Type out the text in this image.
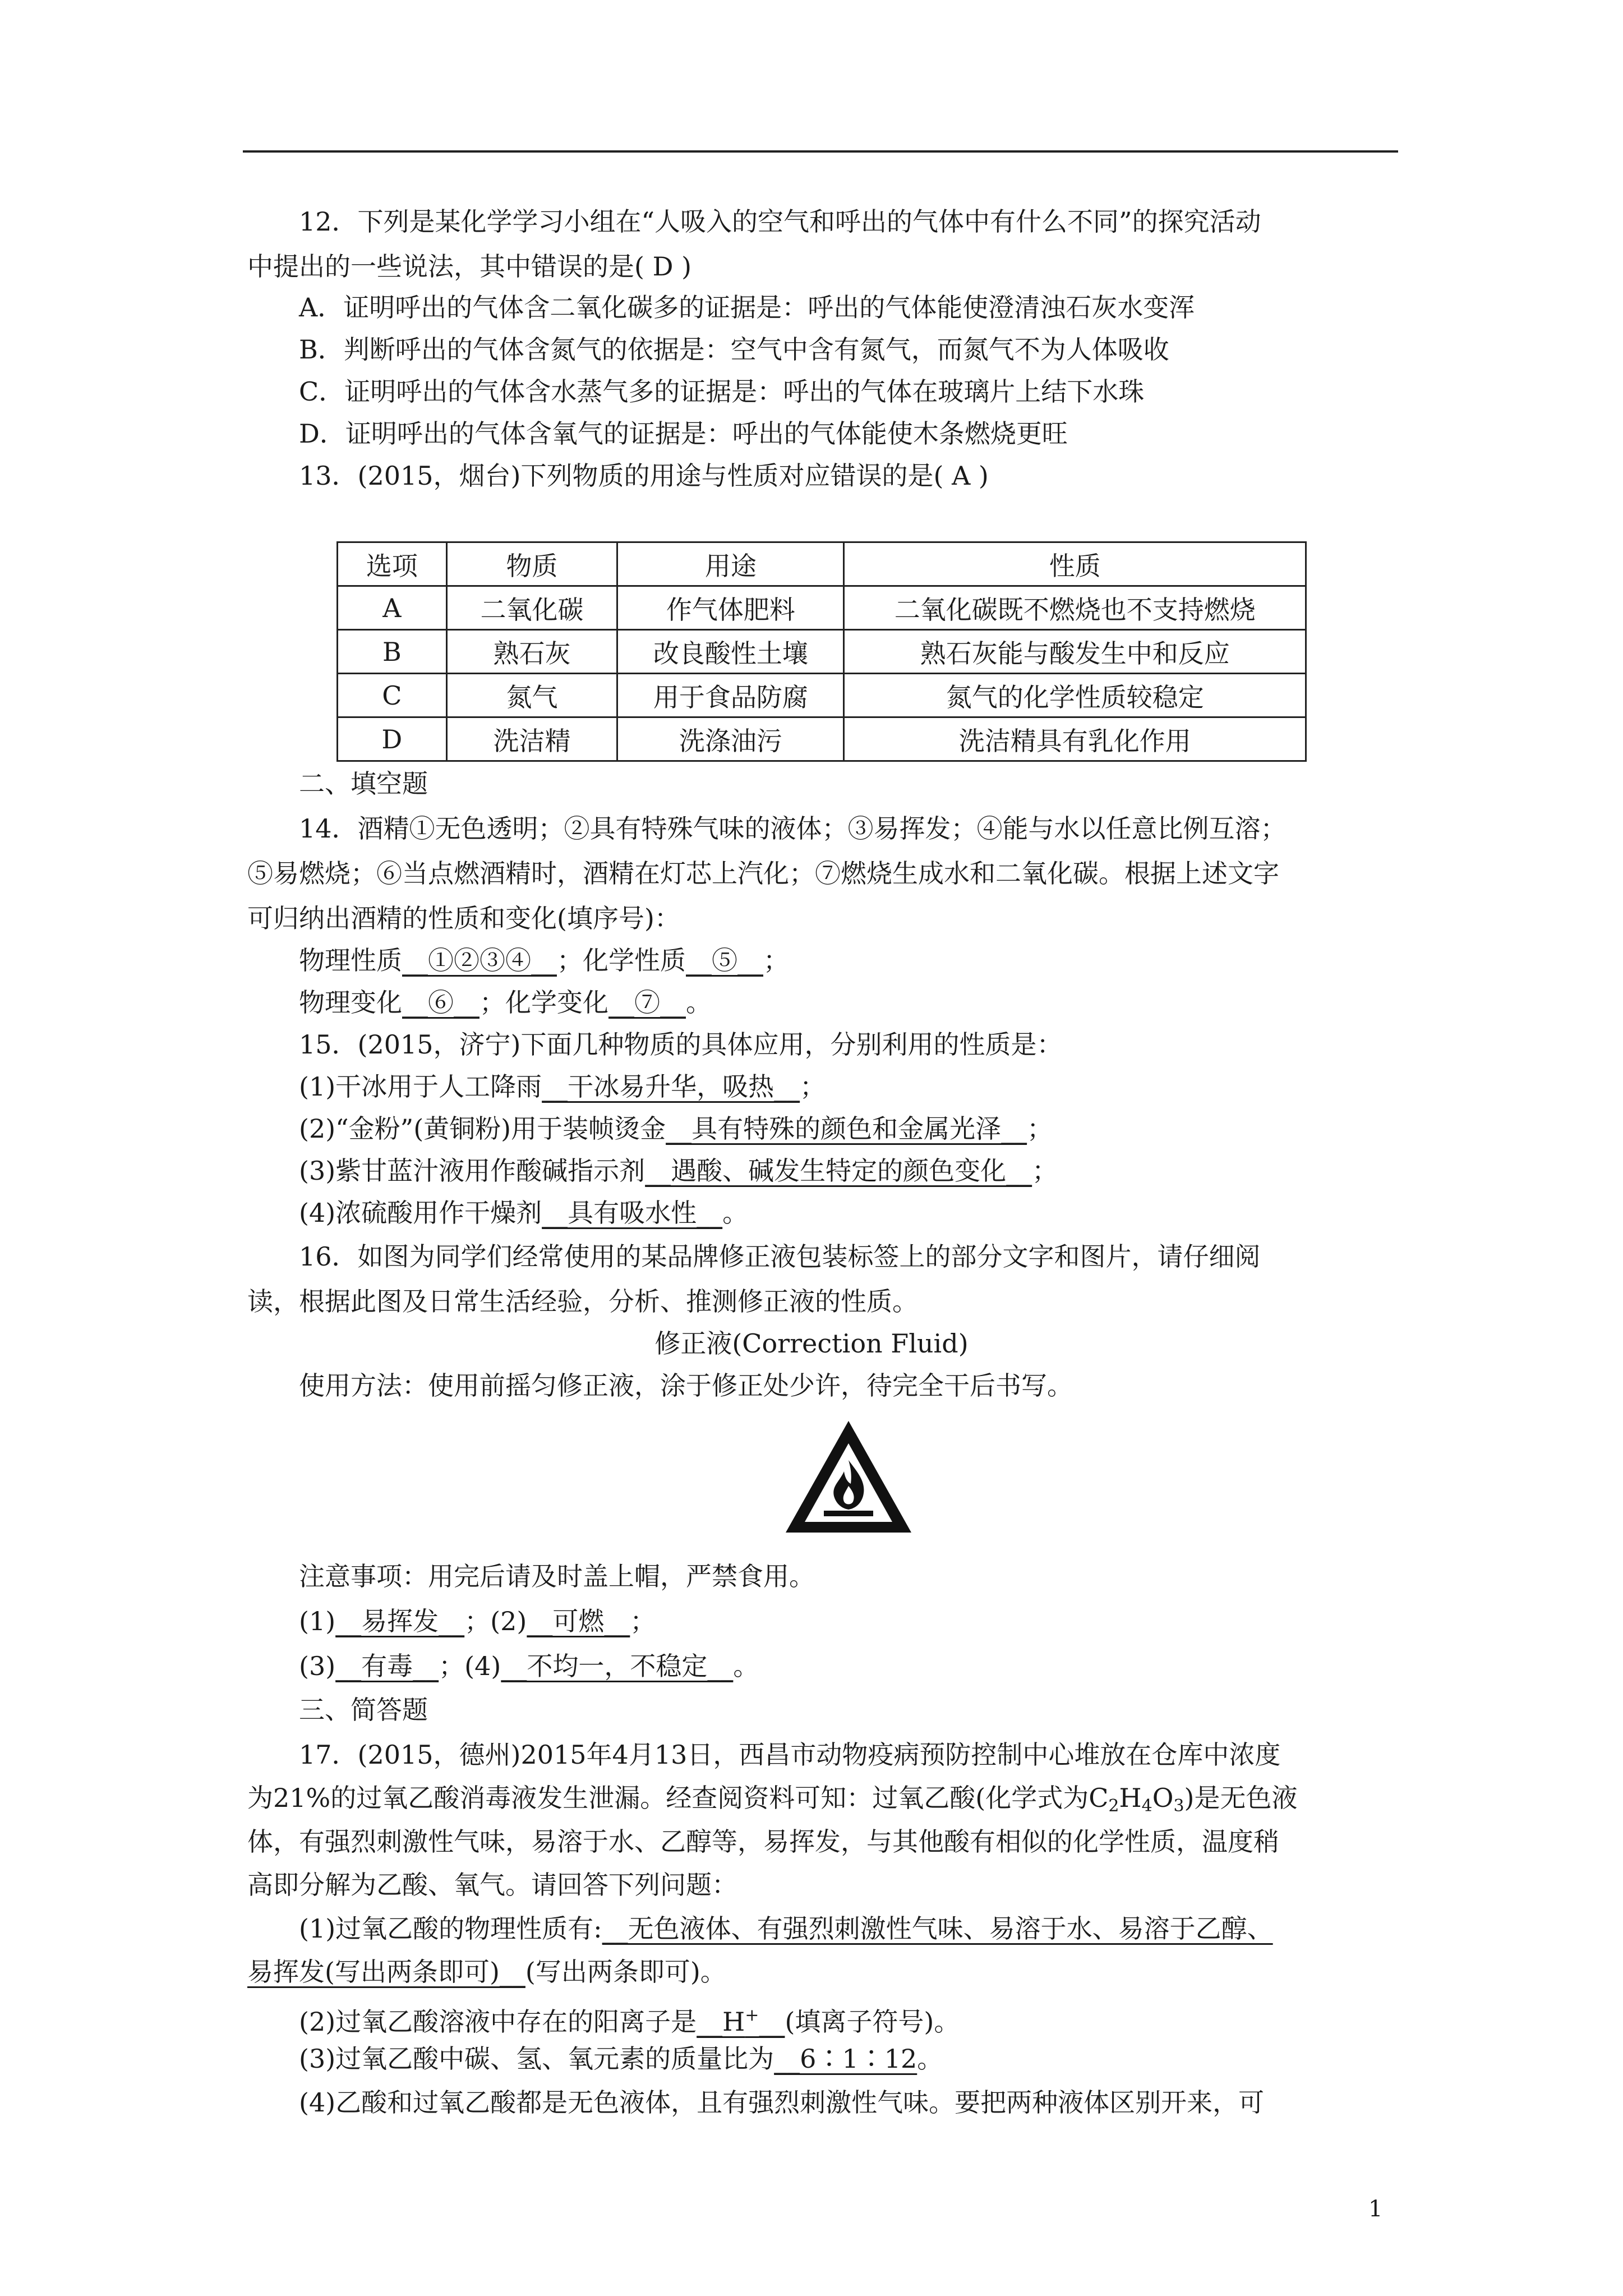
12．下列是某化学学习小组在“人吸入的空气和呼出的气体中有什么不同”的探究活动
中提出的一些说法，其中错误的是( D )
A．证明呼出的气体含二氧化碳多的证据是：呼出的气体能使澄清浊石灰水变浑
B．判断呼出的气体含氮气的依据是：空气中含有氮气，而氮气不为人体吸收
C．证明呼出的气体含水蒸气多的证据是：呼出的气体在玻璃片上结下水珠
D．证明呼出的气体含氧气的证据是：呼出的气体能使木条燃烧更旺
13．(2015，烟台)下列物质的用途与性质对应错误的是( A )
选项	物质	用途	性质
A	二氧化碳	作气体肥料	二氧化碳既不燃烧也不支持燃烧
B	熟石灰	改良酸性土壤	熟石灰能与酸发生中和反应
C	氮气	用于食品防腐	氮气的化学性质较稳定
D	洗洁精	洗涤油污	洗洁精具有乳化作用
二、填空题
14．酒精①无色透明；②具有特殊气味的液体；③易挥发；④能与水以任意比例互溶；
⑤易燃烧；⑥当点燃酒精时，酒精在灯芯上汽化；⑦燃烧生成水和二氧化碳。根据上述文字
可归纳出酒精的性质和变化(填序号)：
物理性质__①②③④__；化学性质__⑤__；
物理变化__⑥__；化学变化__⑦__。
15．(2015，济宁)下面几种物质的具体应用，分别利用的性质是：
(1)干冰用于人工降雨__干冰易升华，吸热__；
(2)“金粉”(黄铜粉)用于装帧烫金__具有特殊的颜色和金属光泽__；
(3)紫甘蓝汁液用作酸碱指示剂__遇酸、碱发生特定的颜色变化__；
(4)浓硫酸用作干燥剂__具有吸水性__。
16．如图为同学们经常使用的某品牌修正液包装标签上的部分文字和图片，请仔细阅
读，根据此图及日常生活经验，分析、推测修正液的性质。
修正液(Correction Fluid)
使用方法：使用前摇匀修正液，涂于修正处少许，待完全干后书写。
注意事项：用完后请及时盖上帽，严禁食用。
(1)__易挥发__；(2)__可燃__；
(3)__有毒__；(4)__不均一，不稳定__。
三、简答题
17．(2015，德州)2015年4月13日，西昌市动物疫病预防控制中心堆放在仓库中浓度
为21%的过氧乙酸消毒液发生泄漏。经查阅资料可知：过氧乙酸(化学式为$C_2H_4O_3$)是无色液
体，有强烈刺激性气味，易溶于水、乙醇等，易挥发，与其他酸有相似的化学性质，温度稍
高即分解为乙酸、氧气。请回答下列问题：
(1)过氧乙酸的物理性质有:__无色液体、有强烈刺激性气味、易溶于水、易溶于乙醇、
易挥发(写出两条即可)__(写出两条即可)。
(2)过氧乙酸溶液中存在的阳离子是__H+__(填离子符号)。
(3)过氧乙酸中碳、氢、氧元素的质量比为__6∶1∶12。
(4)乙酸和过氧乙酸都是无色液体，且有强烈刺激性气味。要把两种液体区别开来，可
1
